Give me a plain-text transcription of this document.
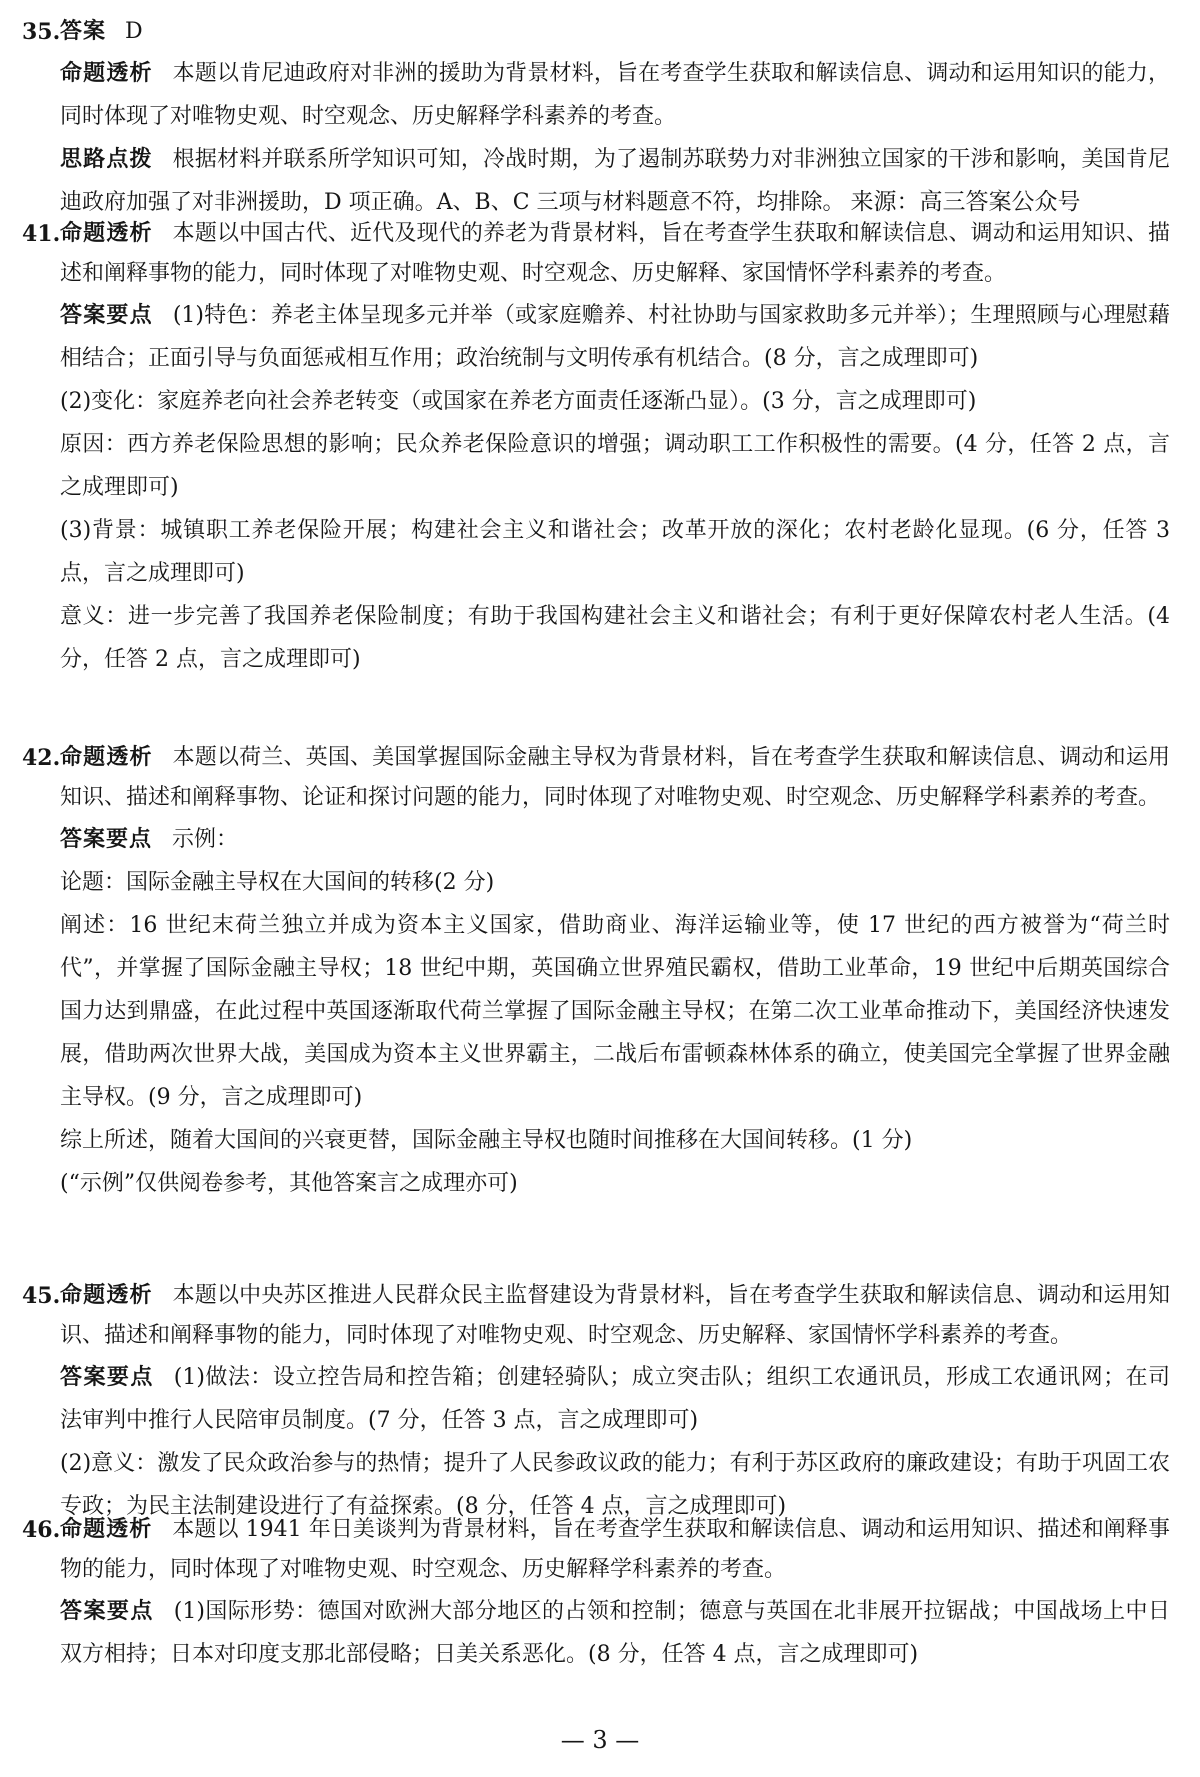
35. 答案 D
命题透析 本题以肯尼迪政府对非洲的援助为背景材料，旨在考查学生获取和解读信息、调动和运用知识的能力，同时体现了对唯物史观、时空观念、历史解释学科素养的考查。
思路点拨 根据材料并联系所学知识可知，冷战时期，为了遏制苏联势力对非洲独立国家的干涉和影响，美国肯尼迪政府加强了对非洲援助，D 项正确。A、B、C 三项与材料题意不符，均排除。 来源：高三答案公众号
41. 命题透析 本题以中国古代、近代及现代的养老为背景材料，旨在考查学生获取和解读信息、调动和运用知识、描述和阐释事物的能力，同时体现了对唯物史观、时空观念、历史解释、家国情怀学科素养的考查。
答案要点 (1)特色：养老主体呈现多元并举（或家庭赡养、村社协助与国家救助多元并举）；生理照顾与心理慰藉相结合；正面引导与负面惩戒相互作用；政治统制与文明传承有机结合。(8 分，言之成理即可)
(2)变化：家庭养老向社会养老转变（或国家在养老方面责任逐渐凸显）。(3 分，言之成理即可)
原因：西方养老保险思想的影响；民众养老保险意识的增强；调动职工工作积极性的需要。(4 分，任答 2 点，言之成理即可)
(3)背景：城镇职工养老保险开展；构建社会主义和谐社会；改革开放的深化；农村老龄化显现。(6 分，任答 3 点，言之成理即可)
意义：进一步完善了我国养老保险制度；有助于我国构建社会主义和谐社会；有利于更好保障农村老人生活。(4 分，任答 2 点，言之成理即可)
42. 命题透析 本题以荷兰、英国、美国掌握国际金融主导权为背景材料，旨在考查学生获取和解读信息、调动和运用知识、描述和阐释事物、论证和探讨问题的能力，同时体现了对唯物史观、时空观念、历史解释学科素养的考查。
答案要点 示例：
论题：国际金融主导权在大国间的转移(2 分)
阐述：16 世纪末荷兰独立并成为资本主义国家，借助商业、海洋运输业等，使 17 世纪的西方被誉为“荷兰时代”，并掌握了国际金融主导权；18 世纪中期，英国确立世界殖民霸权，借助工业革命，19 世纪中后期英国综合国力达到鼎盛，在此过程中英国逐渐取代荷兰掌握了国际金融主导权；在第二次工业革命推动下，美国经济快速发展，借助两次世界大战，美国成为资本主义世界霸主，二战后布雷顿森林体系的确立，使美国完全掌握了世界金融主导权。(9 分，言之成理即可)
综上所述，随着大国间的兴衰更替，国际金融主导权也随时间推移在大国间转移。(1 分)
(“示例”仅供阅卷参考，其他答案言之成理亦可)
45. 命题透析 本题以中央苏区推进人民群众民主监督建设为背景材料，旨在考查学生获取和解读信息、调动和运用知识、描述和阐释事物的能力，同时体现了对唯物史观、时空观念、历史解释、家国情怀学科素养的考查。
答案要点 (1)做法：设立控告局和控告箱；创建轻骑队；成立突击队；组织工农通讯员，形成工农通讯网；在司法审判中推行人民陪审员制度。(7 分，任答 3 点，言之成理即可)
(2)意义：激发了民众政治参与的热情；提升了人民参政议政的能力；有利于苏区政府的廉政建设；有助于巩固工农专政；为民主法制建设进行了有益探索。(8 分，任答 4 点，言之成理即可)
46. 命题透析 本题以 1941 年日美谈判为背景材料，旨在考查学生获取和解读信息、调动和运用知识、描述和阐释事物的能力，同时体现了对唯物史观、时空观念、历史解释学科素养的考查。
答案要点 (1)国际形势：德国对欧洲大部分地区的占领和控制；德意与英国在北非展开拉锯战；中国战场上中日双方相持；日本对印度支那北部侵略；日美关系恶化。(8 分，任答 4 点，言之成理即可)
— 3 —
